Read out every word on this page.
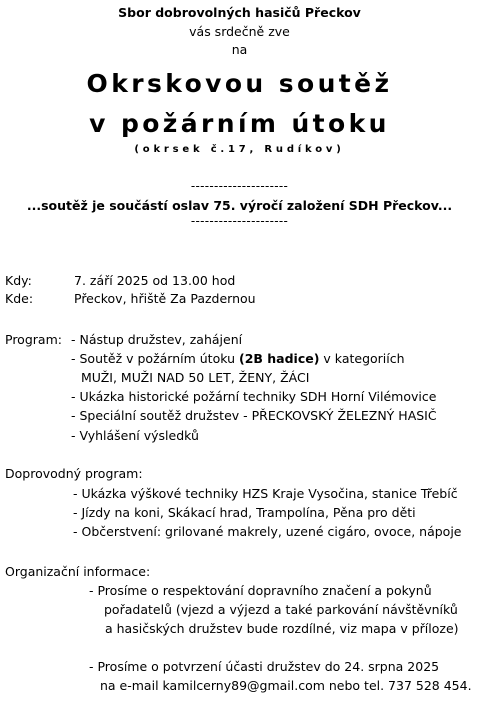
Sbor dobrovolných hasičů Přeckov
vás srdečně zve
na
Okrskovou soutěž
v požárním útoku
(okrsek č.17, Rudíkov)
---------------------
...soutěž je součástí oslav 75. výročí založení SDH Přeckov...
---------------------
Kdy:	7. září 2025 od 13.00 hod
Kde:	Přeckov, hřiště Za Pazdernou
Program: - Nástup družstev, zahájení
- Soutěž v požárním útoku (2B hadice) v kategoriích
MUŽI, MUŽI NAD 50 LET, ŽENY, ŽÁCI
- Ukázka historické požární techniky SDH Horní Vilémovice
- Speciální soutěž družstev - PŘECKOVSKÝ ŽELEZNÝ HASIČ
- Vyhlášení výsledků
Doprovodný program:
- Ukázka výškové techniky HZS Kraje Vysočina, stanice Třebíč
- Jízdy na koni, Skákací hrad, Trampolína, Pěna pro děti
- Občerstvení: grilované makrely, uzené cigáro, ovoce, nápoje
Organizační informace:
- Prosíme o respektování dopravního značení a pokynů
pořadatelů (vjezd a výjezd a také parkování návštěvníků
a hasičských družstev bude rozdílné, viz mapa v příloze)
- Prosíme o potvrzení účasti družstev do 24. srpna 2025
na e-mail kamilcerny89@gmail.com nebo tel. 737 528 454.
